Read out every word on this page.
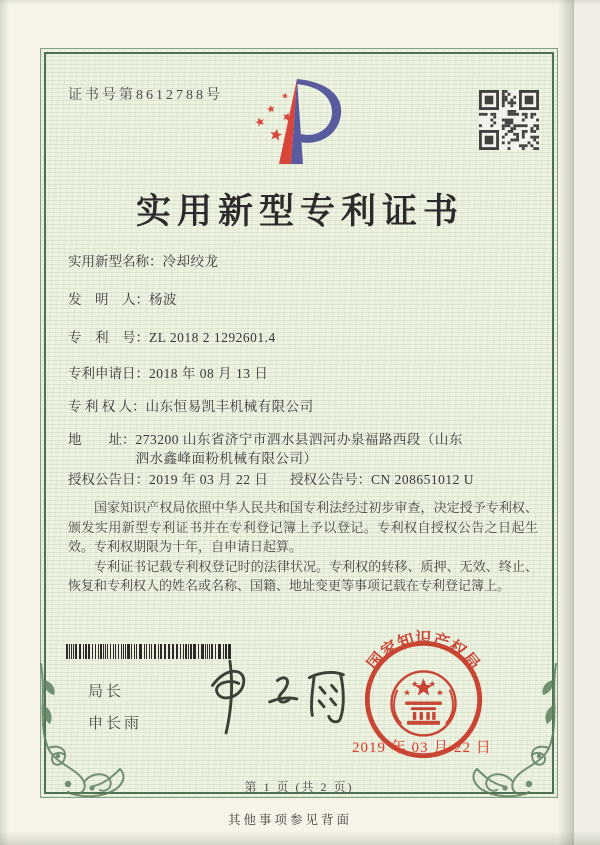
证书号第8612788号
实用新型专利证书
实用新型名称： 冷却绞龙
发　明　人： 杨波
专　利　号： ZL 2018 2 1292601.4
专利申请日： 2018 年 08 月 13 日
专 利 权 人： 山东恒易凯丰机械有限公司
地　　址： 273200 山东省济宁市泗水县泗河办泉福路西段（山东泗水鑫峰面粉机械有限公司）
授权公告日： 2019 年 03 月 22 日 授权公告号： CN 208651012 U

国家知识产权局依照中华人民共和国专利法经过初步审查，决定授予专利权、颁发实用新型专利证书并在专利登记簿上予以登记。专利权自授权公告之日起生效。专利权期限为十年，自申请日起算。

专利证书记载专利权登记时的法律状况。专利权的转移、质押、无效、终止、恢复和专利权人的姓名或名称、国籍、地址变更等事项记载在专利登记簿上。

局长
申长雨
国家知识产权局
2019 年 03 月 22 日
第 1 页 (共 2 页)
其他事项参见背面
